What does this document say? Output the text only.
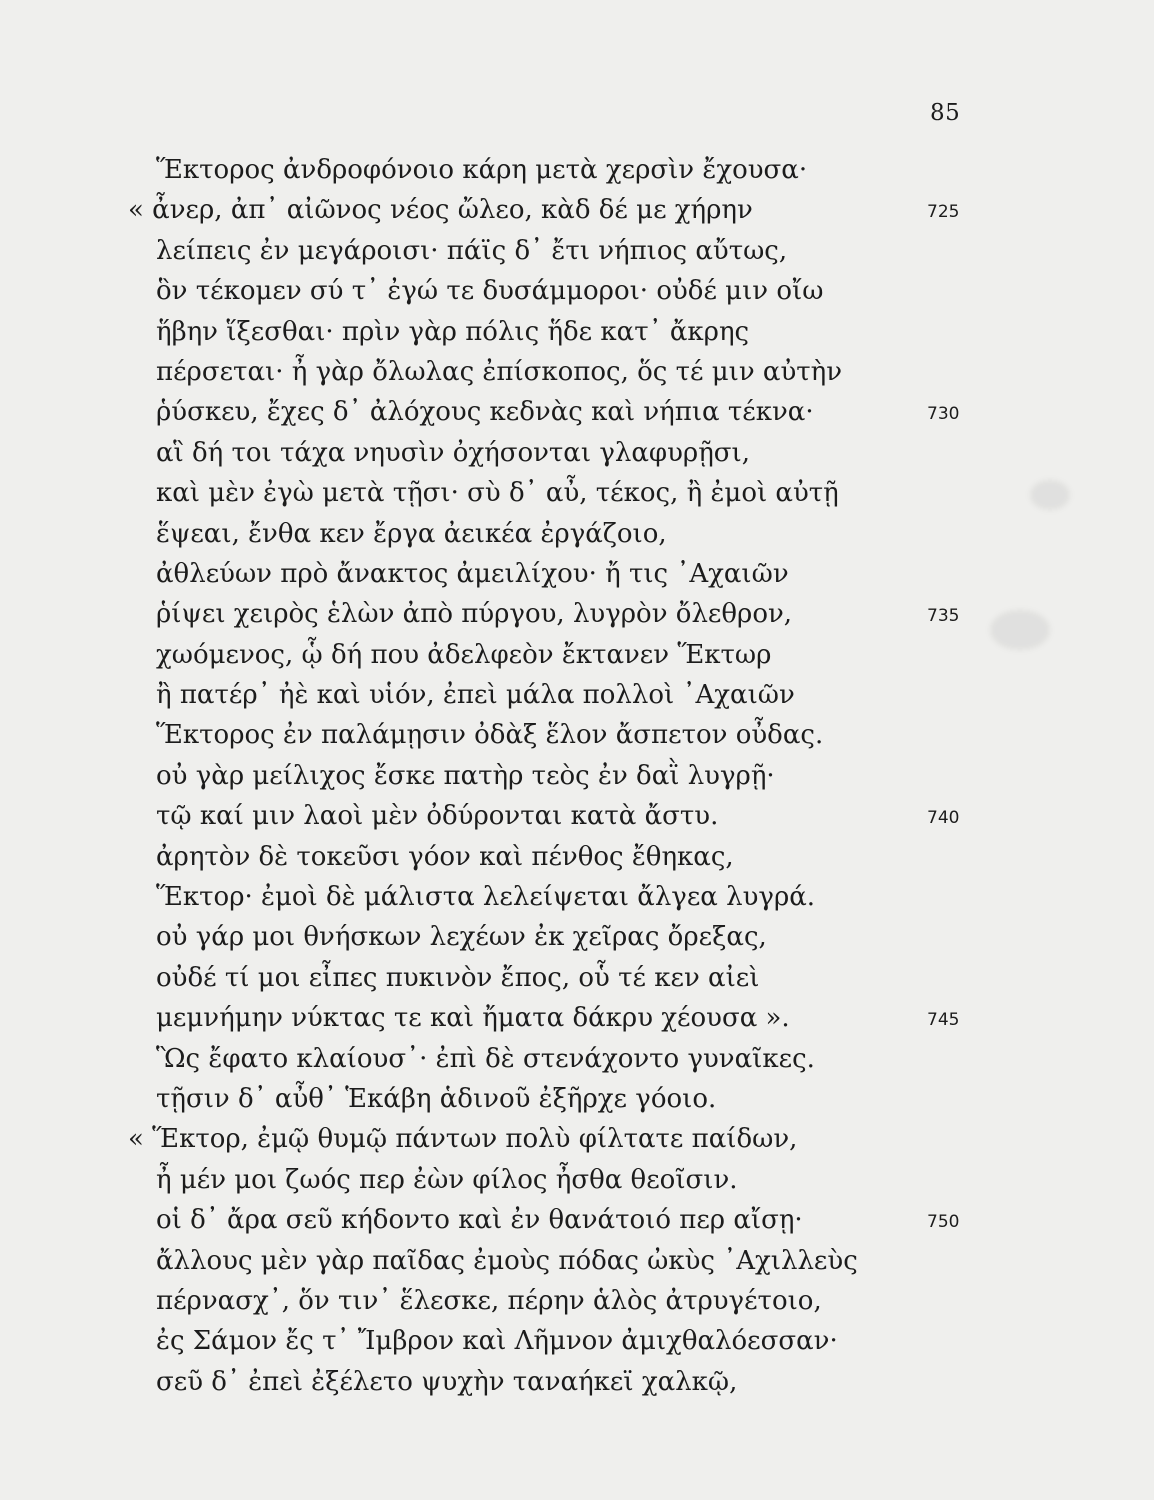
85
Ἕκτορος ἀνδροφόνοιο κάρη μετὰ χερσὶν ἔχουσα·
« ἆνερ, ἀπ᾽ αἰῶνος νέος ὤλεο, κὰδ δέ με χήρην	725
λείπεις ἐν μεγάροισι· πάϊς δ᾽ ἔτι νήπιος αὔτως,
ὃν τέκομεν σύ τ᾽ ἐγώ τε δυσάμμοροι· οὐδέ μιν οἴω
ἥβην ἵξεσθαι· πρὶν γὰρ πόλις ἥδε κατ᾽ ἄκρης
πέρσεται· ἦ γὰρ ὄλωλας ἐπίσκοπος, ὅς τέ μιν αὐτὴν
ῥύσκευ, ἔχες δ᾽ ἀλόχους κεδνὰς καὶ νήπια τέκνα·	730
αἳ δή τοι τάχα νηυσὶν ὀχήσονται γλαφυρῇσι,
καὶ μὲν ἐγὼ μετὰ τῇσι· σὺ δ᾽ αὖ, τέκος, ἢ ἐμοὶ αὐτῇ
ἕψεαι, ἔνθα κεν ἔργα ἀεικέα ἐργάζοιο,
ἀθλεύων πρὸ ἄνακτος ἀμειλίχου· ἤ τις ᾿Αχαιῶν
ῥίψει χειρὸς ἑλὼν ἀπὸ πύργου, λυγρὸν ὄλεθρον,	735
χωόμενος, ᾧ δή που ἀδελφεὸν ἔκτανεν Ἕκτωρ
ἢ πατέρ᾽ ἠὲ καὶ υἱόν, ἐπεὶ μάλα πολλοὶ ᾿Αχαιῶν
Ἕκτορος ἐν παλάμῃσιν ὀδὰξ ἕλον ἄσπετον οὖδας.
οὐ γὰρ μείλιχος ἔσκε πατὴρ τεὸς ἐν δαῒ λυγρῇ·
τῷ καί μιν λαοὶ μὲν ὀδύρονται κατὰ ἄστυ.	740
ἀρητὸν δὲ τοκεῦσι γόον καὶ πένθος ἔθηκας,
Ἕκτορ· ἐμοὶ δὲ μάλιστα λελείψεται ἄλγεα λυγρά.
οὐ γάρ μοι θνήσκων λεχέων ἐκ χεῖρας ὄρεξας,
οὐδέ τί μοι εἶπες πυκινὸν ἔπος, οὗ τέ κεν αἰεὶ
μεμνήμην νύκτας τε καὶ ἤματα δάκρυ χέουσα ».	745
Ὣς ἔφατο κλαίουσ᾽· ἐπὶ δὲ στενάχοντο γυναῖκες.
τῇσιν δ᾽ αὖθ᾽ Ἑκάβη ἁδινοῦ ἐξῆρχε γόοιο.
« Ἕκτορ, ἐμῷ θυμῷ πάντων πολὺ φίλτατε παίδων,
ἦ μέν μοι ζωός περ ἐὼν φίλος ἦσθα θεοῖσιν.
οἱ δ᾽ ἄρα σεῦ κήδοντο καὶ ἐν θανάτοιό περ αἴσῃ·	750
ἄλλους μὲν γὰρ παῖδας ἐμοὺς πόδας ὠκὺς ᾿Αχιλλεὺς
πέρνασχ᾽, ὅν τιν᾽ ἕλεσκε, πέρην ἁλὸς ἀτρυγέτοιο,
ἐς Σάμον ἔς τ᾽ Ἴμβρον καὶ Λῆμνον ἀμιχθαλόεσσαν·
σεῦ δ᾽ ἐπεὶ ἐξέλετο ψυχὴν ταναήκεϊ χαλκῷ,
